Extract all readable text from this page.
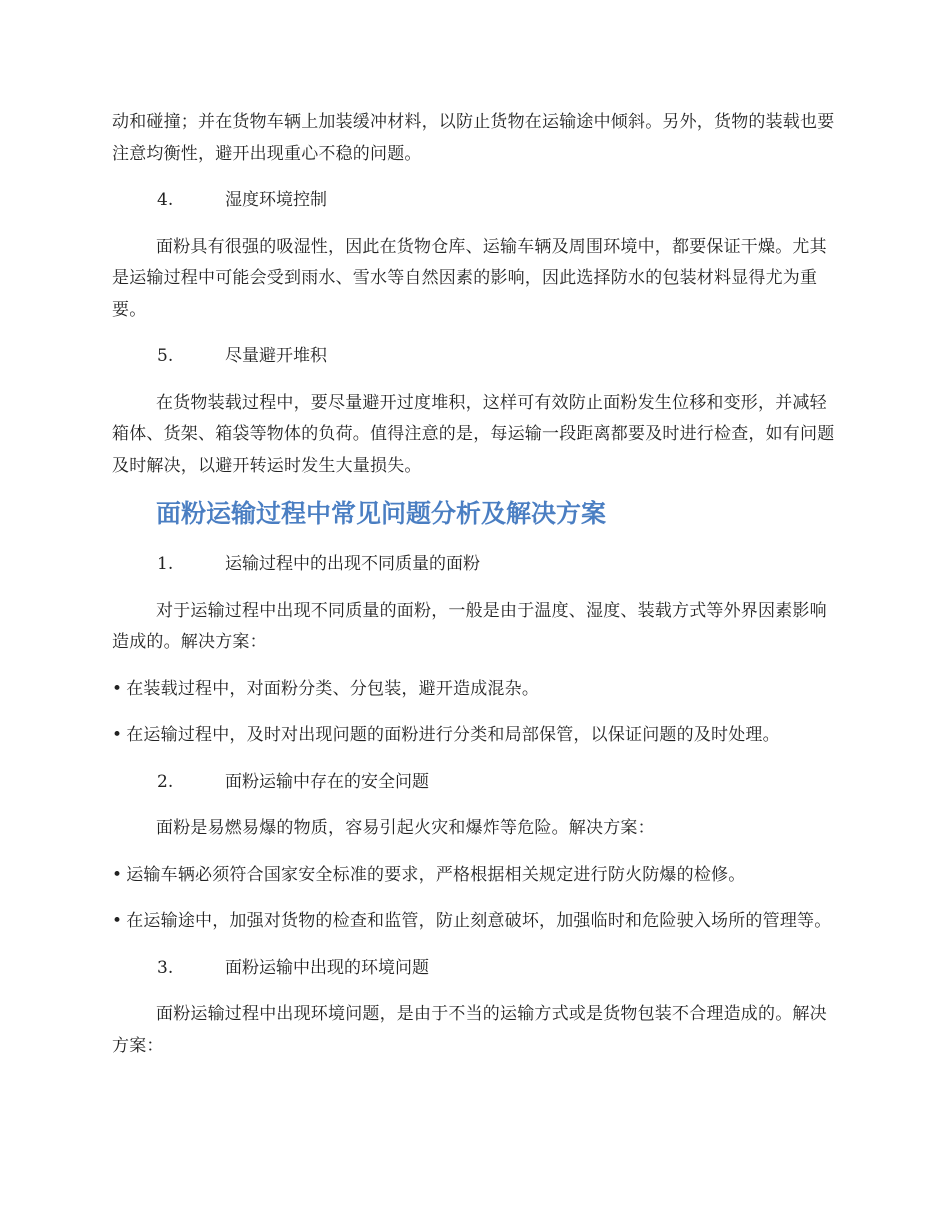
动和碰撞；并在货物车辆上加装缓冲材料，以防止货物在运输途中倾斜。另外，货物的装载也要注意均衡性，避开出现重心不稳的问题。

4.	湿度环境控制

面粉具有很强的吸湿性，因此在货物仓库、运输车辆及周围环境中，都要保证干燥。尤其是运输过程中可能会受到雨水、雪水等自然因素的影响，因此选择防水的包装材料显得尤为重要。

5.	尽量避开堆积

在货物装载过程中，要尽量避开过度堆积，这样可有效防止面粉发生位移和变形，并减轻箱体、货架、箱袋等物体的负荷。值得注意的是，每运输一段距离都要及时进行检查，如有问题及时解决，以避开转运时发生大量损失。

面粉运输过程中常见问题分析及解决方案
1.	运输过程中的出现不同质量的面粉

对于运输过程中出现不同质量的面粉，一般是由于温度、湿度、装载方式等外界因素影响造成的。解决方案：

• 在装载过程中，对面粉分类、分包装，避开造成混杂。

• 在运输过程中，及时对出现问题的面粉进行分类和局部保管，以保证问题的及时处理。

2.	面粉运输中存在的安全问题

面粉是易燃易爆的物质，容易引起火灾和爆炸等危险。解决方案：

• 运输车辆必须符合国家安全标准的要求，严格根据相关规定进行防火防爆的检修。

• 在运输途中，加强对货物的检查和监管，防止刻意破坏，加强临时和危险驶入场所的管理等。

3.	面粉运输中出现的环境问题

面粉运输过程中出现环境问题，是由于不当的运输方式或是货物包装不合理造成的。解决方案：
